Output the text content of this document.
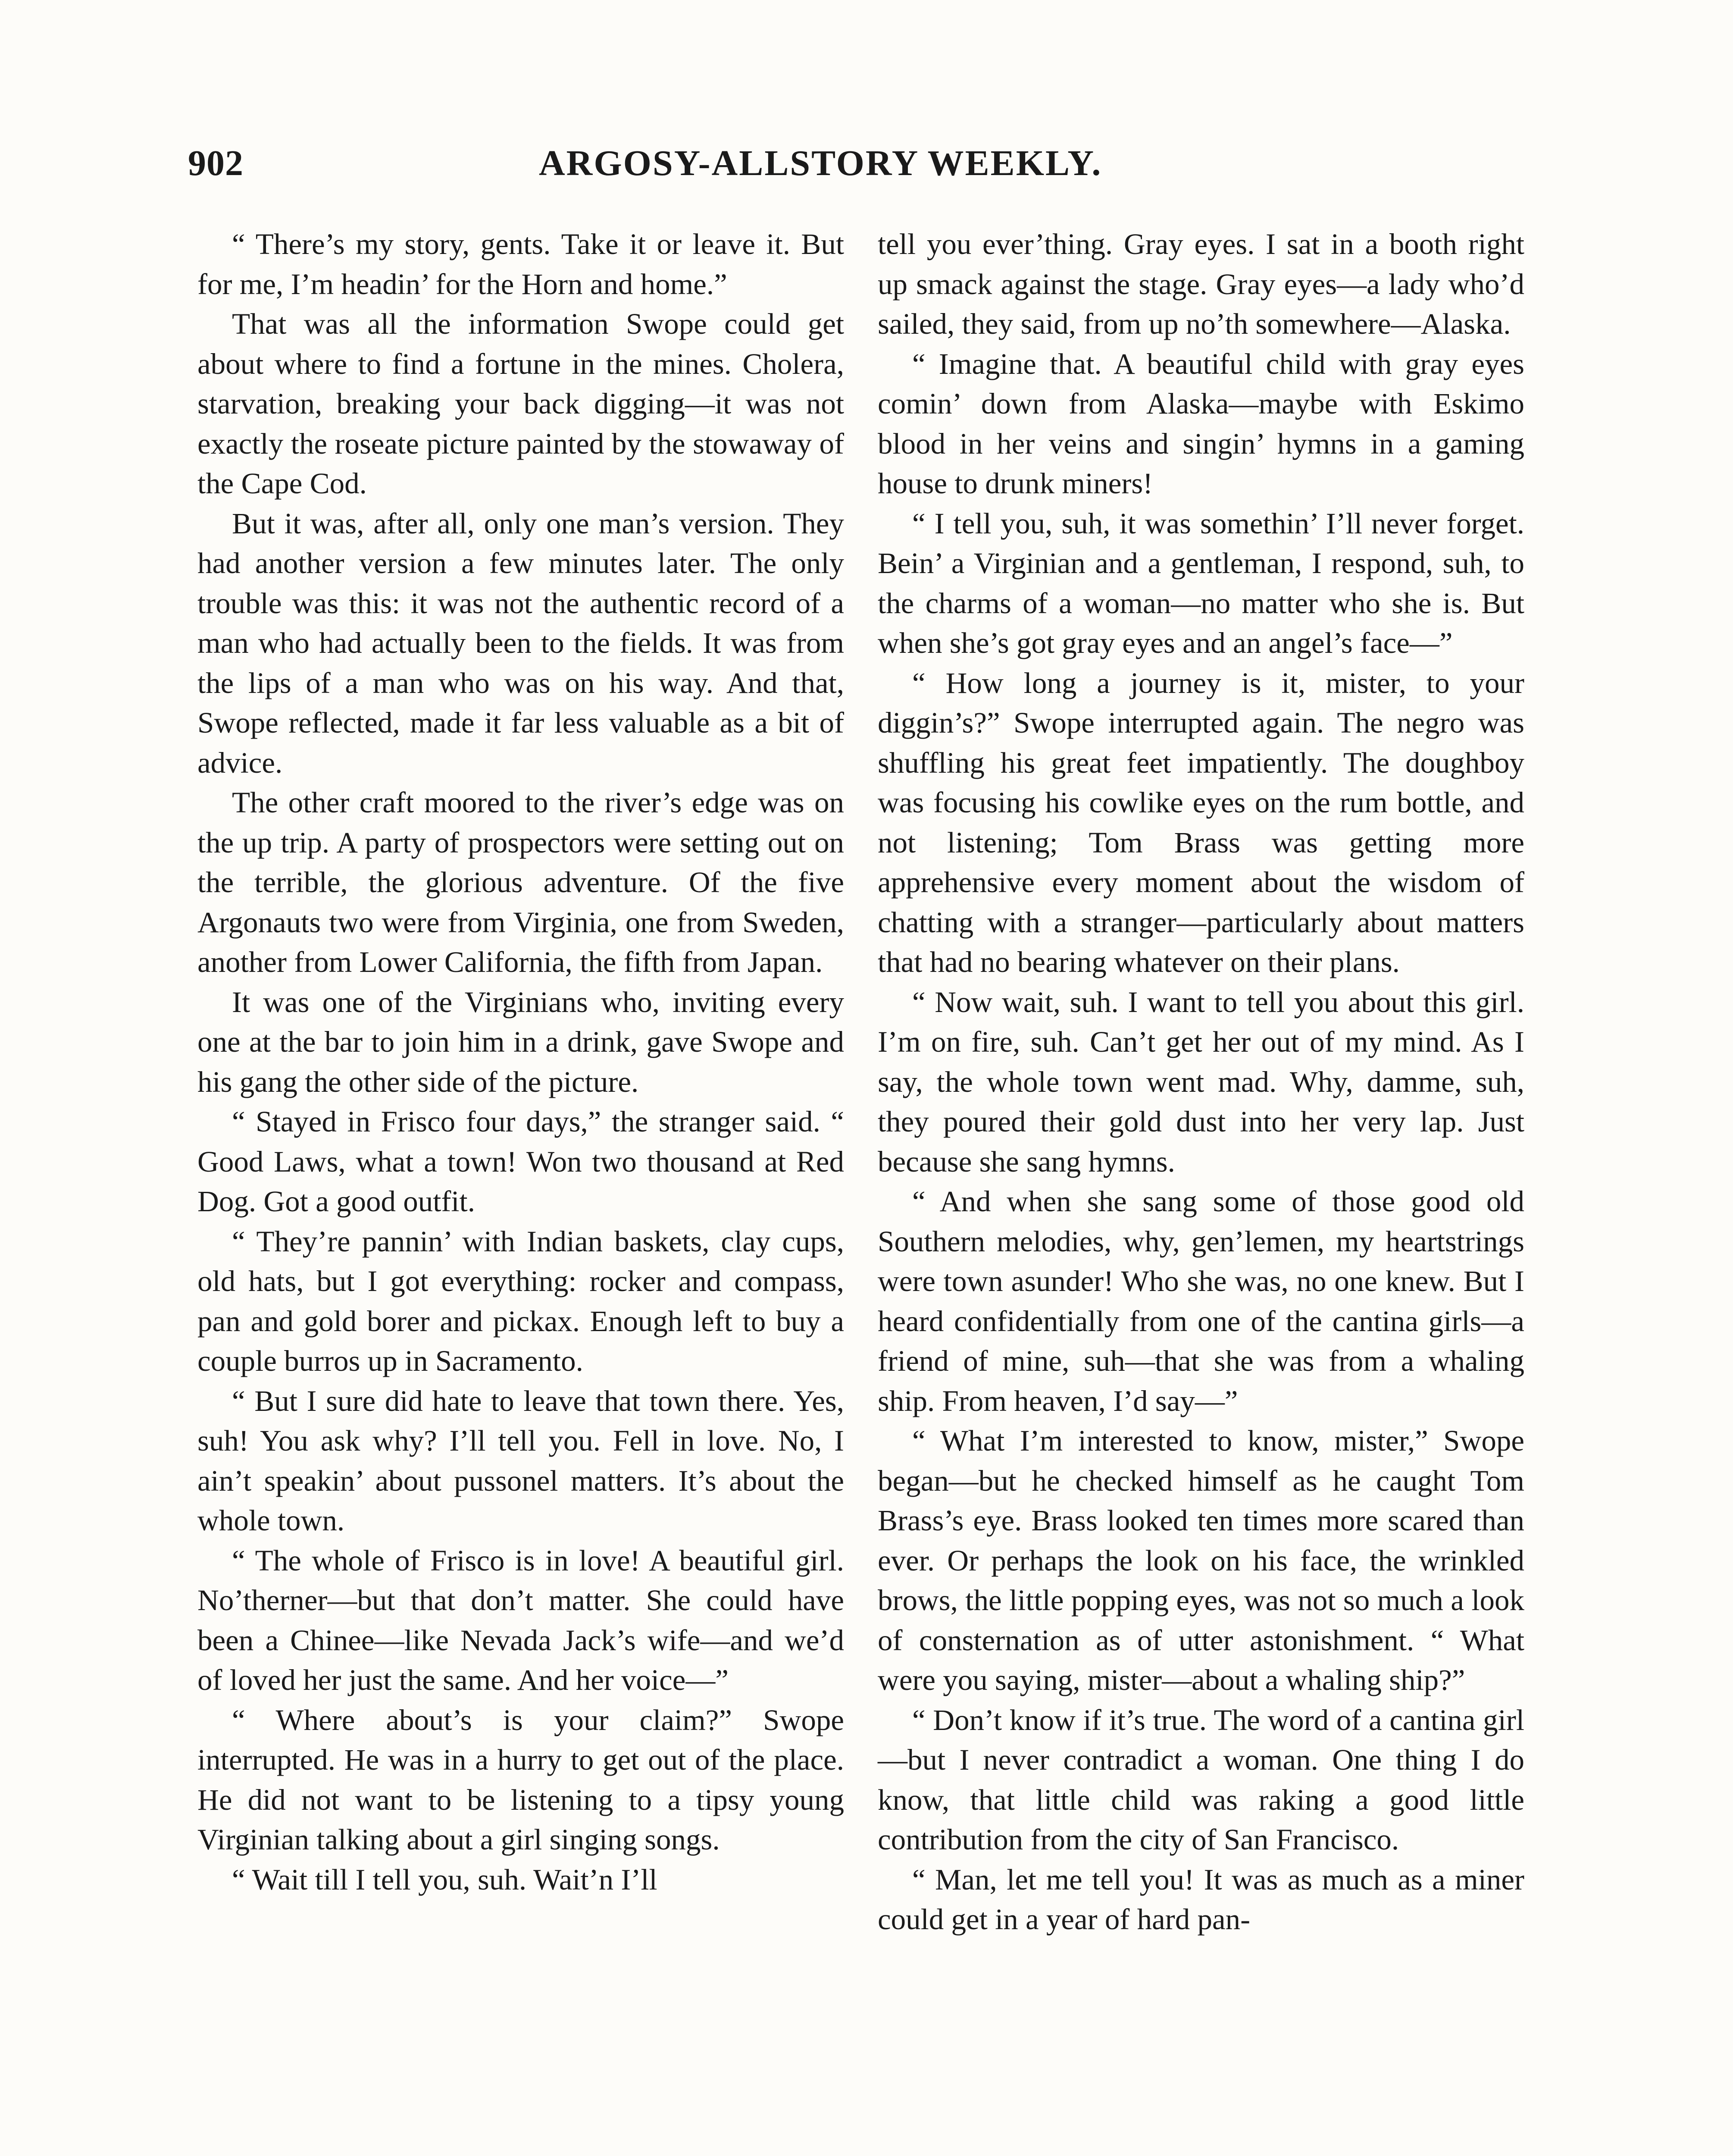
902	ARGOSY-ALLSTORY WEEKLY.

“ There’s my story, gents. Take it or leave it. But for me, I’m headin’ for the Horn and home.”

That was all the information Swope could get about where to find a fortune in the mines. Cholera, starvation, breaking your back digging—it was not exactly the roseate picture painted by the stowaway of the Cape Cod.

But it was, after all, only one man’s version. They had another version a few minutes later. The only trouble was this: it was not the authentic record of a man who had actually been to the fields. It was from the lips of a man who was on his way. And that, Swope reflected, made it far less valuable as a bit of advice.

The other craft moored to the river’s edge was on the up trip. A party of prospectors were setting out on the terrible, the glorious adventure. Of the five Argonauts two were from Virginia, one from Sweden, another from Lower California, the fifth from Japan.

It was one of the Virginians who, inviting every one at the bar to join him in a drink, gave Swope and his gang the other side of the picture.

“ Stayed in Frisco four days,” the stranger said. “ Good Laws, what a town! Won two thousand at Red Dog. Got a good outfit.

“ They’re pannin’ with Indian baskets, clay cups, old hats, but I got everything: rocker and compass, pan and gold borer and pickax. Enough left to buy a couple burros up in Sacramento.

“ But I sure did hate to leave that town there. Yes, suh! You ask why? I’ll tell you. Fell in love. No, I ain’t speakin’ about pussonel matters. It’s about the whole town.

“ The whole of Frisco is in love! A beautiful girl. No’therner—but that don’t matter. She could have been a Chinee—like Nevada Jack’s wife—and we’d of loved her just the same. And her voice—”

“ Where about’s is your claim?” Swope interrupted. He was in a hurry to get out of the place. He did not want to be listening to a tipsy young Virginian talking about a girl singing songs.

“ Wait till I tell you, suh. Wait’n I’ll

tell you ever’thing. Gray eyes. I sat in a booth right up smack against the stage. Gray eyes—a lady who’d sailed, they said, from up no’th somewhere—Alaska.

“ Imagine that. A beautiful child with gray eyes comin’ down from Alaska—maybe with Eskimo blood in her veins and singin’ hymns in a gaming house to drunk miners!

“ I tell you, suh, it was somethin’ I’ll never forget. Bein’ a Virginian and a gentleman, I respond, suh, to the charms of a woman—no matter who she is. But when she’s got gray eyes and an angel’s face—”

“ How long a journey is it, mister, to your diggin’s?” Swope interrupted again. The negro was shuffling his great feet impatiently. The doughboy was focusing his cowlike eyes on the rum bottle, and not listening; Tom Brass was getting more apprehensive every moment about the wisdom of chatting with a stranger—particularly about matters that had no bearing whatever on their plans.

“ Now wait, suh. I want to tell you about this girl. I’m on fire, suh. Can’t get her out of my mind. As I say, the whole town went mad. Why, damme, suh, they poured their gold dust into her very lap. Just because she sang hymns.

“ And when she sang some of those good old Southern melodies, why, gen’lemen, my heartstrings were town asunder! Who she was, no one knew. But I heard confidentially from one of the cantina girls—a friend of mine, suh—that she was from a whaling ship. From heaven, I’d say—”

“ What I’m interested to know, mister,” Swope began—but he checked himself as he caught Tom Brass’s eye. Brass looked ten times more scared than ever. Or perhaps the look on his face, the wrinkled brows, the little popping eyes, was not so much a look of consternation as of utter astonishment. “ What were you saying, mister—about a whaling ship?”

“ Don’t know if it’s true. The word of a cantina girl—but I never contradict a woman. One thing I do know, that little child was raking a good little contribution from the city of San Francisco.

“ Man, let me tell you! It was as much as a miner could get in a year of hard pan-
